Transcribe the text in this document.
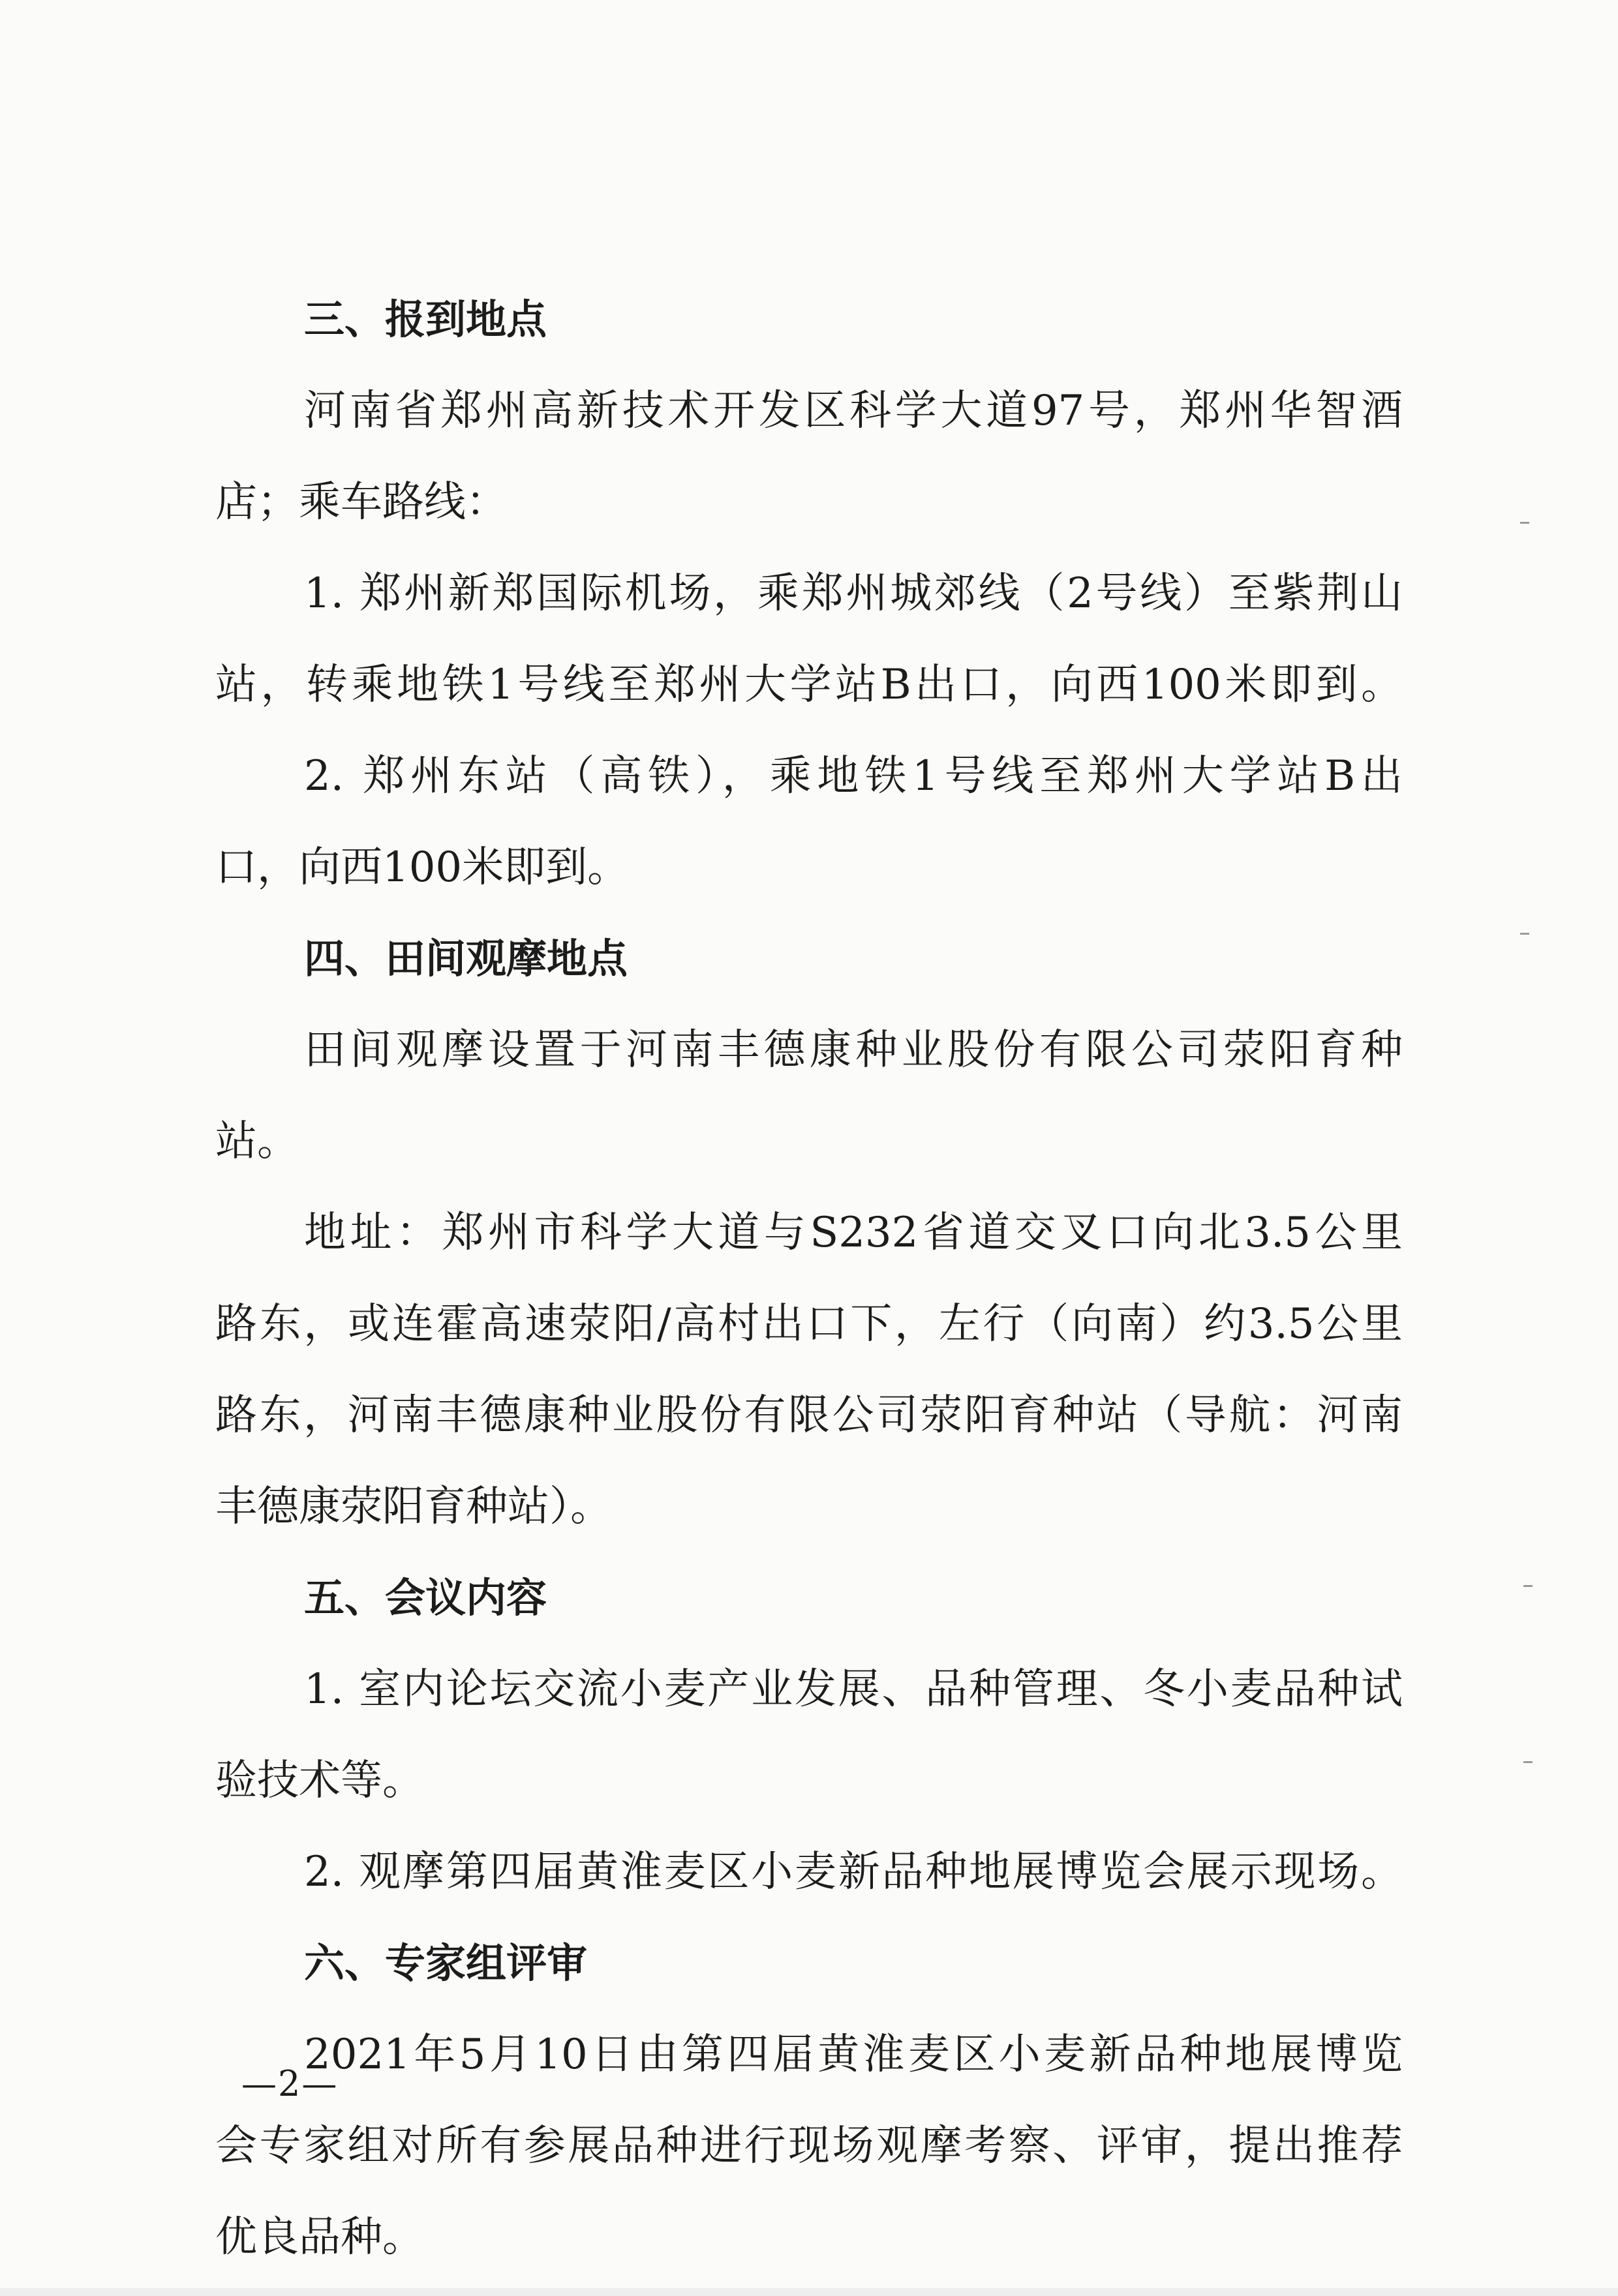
三、报到地点
河南省郑州高新技术开发区科学大道97号，郑州华智酒
店；乘车路线：
1. 郑州新郑国际机场，乘郑州城郊线（2号线）至紫荆山
站，转乘地铁1号线至郑州大学站B出口，向西100米即到。
2. 郑州东站（高铁），乘地铁1号线至郑州大学站B出
口，向西100米即到。
四、田间观摩地点
田间观摩设置于河南丰德康种业股份有限公司荥阳育种
站。
地址：郑州市科学大道与S232省道交叉口向北3.5公里
路东，或连霍高速荥阳/高村出口下，左行（向南）约3.5公里
路东，河南丰德康种业股份有限公司荥阳育种站（导航：河南
丰德康荥阳育种站）。
五、会议内容
1. 室内论坛交流小麦产业发展、品种管理、冬小麦品种试
验技术等。
2. 观摩第四届黄淮麦区小麦新品种地展博览会展示现场。
六、专家组评审
2021年5月10日由第四届黄淮麦区小麦新品种地展博览
会专家组对所有参展品种进行现场观摩考察、评审，提出推荐
优良品种。
—2—
